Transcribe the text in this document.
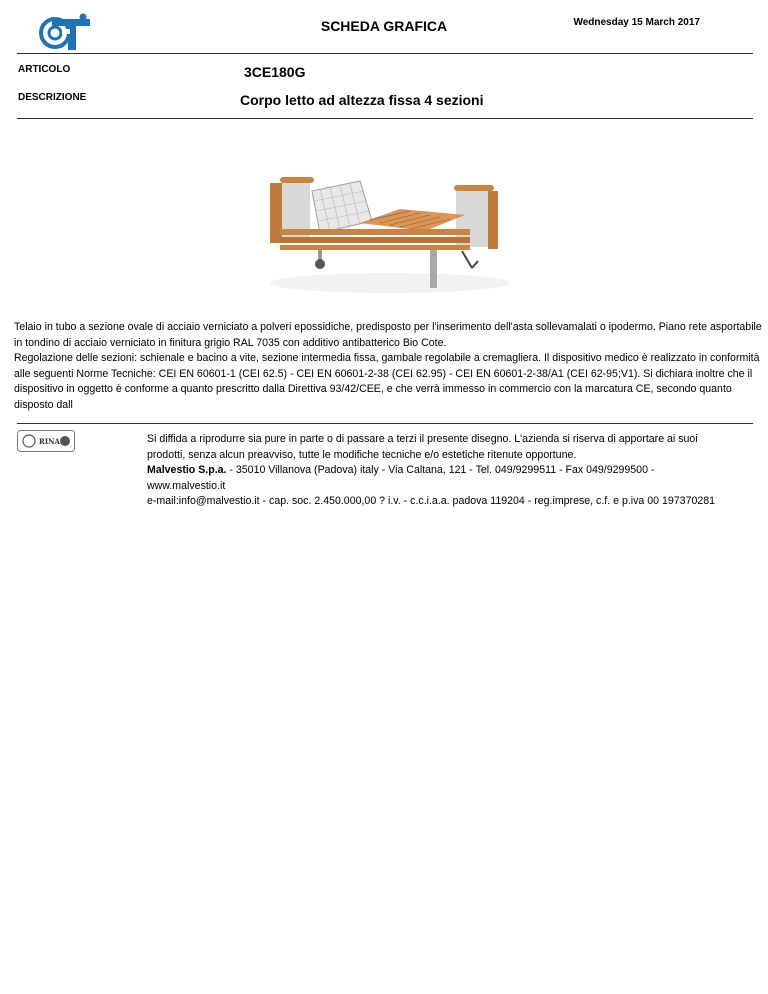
SCHEDA GRAFICA	Wednesday 15 March 2017
ARTICOLO	3CE180G
DESCRIZIONE	Corpo letto ad altezza fissa 4 sezioni

Telaio in tubo a sezione ovale di acciaio verniciato a polveri epossidiche, predisposto per l'inserimento dell'asta sollevamalati o ipodermo. Piano rete asportabile in tondino di acciaio verniciato in finitura grigio RAL 7035 con additivo antibatterico Bio Cote.

Regolazione delle sezioni: schienale e bacino a vite, sezione intermedia fissa, gambale regolabile a cremagliera. Il dispositivo medico è realizzato in conformità alle seguenti Norme Tecniche: CEI EN 60601-1 (CEI 62.5) - CEI EN 60601-2-38 (CEI 62.95) - CEI EN 60601-2-38/A1 (CEI 62-95;V1). Si dichiara inoltre che il dispositivo in oggetto è conforme a quanto prescritto dalla Direttiva 93/42/CEE, e che verrà immesso in commercio con la marcatura CE, secondo quanto disposto dall

RINA	Si diffida a riprodurre sia pure in parte o di passare a terzi il presente disegno. L'azienda si riserva di apportare ai suoi prodotti, senza alcun preavviso, tutte le modifiche tecniche e/o estetiche ritenute opportune.

Malvestio S.p.a. - 35010 Villanova (Padova) italy - Via Caltana, 121 - Tel. 049/9299511 - Fax 049/9299500 - www.malvestio.it

e-mail:info@malvestio.it - cap. soc. 2.450.000,00 ? i.v. - c.c.i.a.a. padova 119204 - reg.imprese, c.f. e p.iva 00 197370281
